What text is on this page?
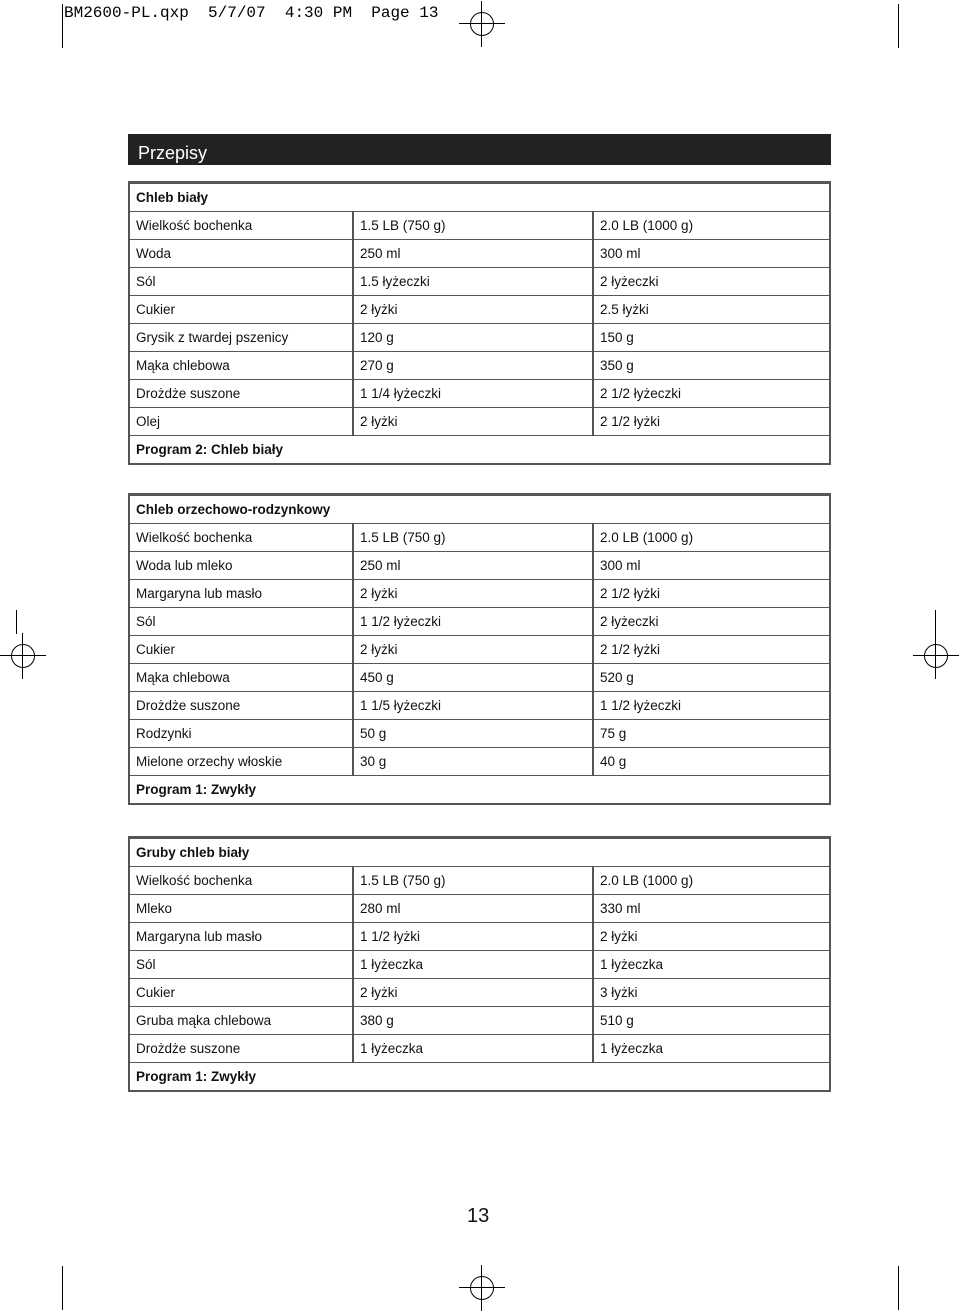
BM2600-PL.qxp  5/7/07  4:30 PM  Page 13
Przepisy
Chleb biały		
Wielkość bochenka	1.5 LB (750 g)	2.0 LB (1000 g)
Woda	250 ml	300 ml
Sól	1.5 łyżeczki	2 łyżeczki
Cukier	2 łyżki	2.5 łyżki
Grysik z twardej pszenicy	120 g	150 g
Mąka chlebowa	270 g	350 g
Drożdże suszone	1 1/4 łyżeczki	2 1/2 łyżeczki
Olej	2 łyżki	2 1/2 łyżki
Program 2: Chleb biały		
Chleb orzechowo-rodzynkowy		
Wielkość bochenka	1.5 LB (750 g)	2.0 LB (1000 g)
Woda lub mleko	250 ml	300 ml
Margaryna lub masło	2 łyżki	2 1/2 łyżki
Sól	1 1/2 łyżeczki	2 łyżeczki
Cukier	2 łyżki	2 1/2 łyżki
Mąka chlebowa	450 g	520 g
Drożdże suszone	1 1/5 łyżeczki	1 1/2 łyżeczki
Rodzynki	50 g	75 g
Mielone orzechy włoskie	30 g	40 g
Program 1: Zwykły		
Gruby chleb biały		
Wielkość bochenka	1.5 LB (750 g)	2.0 LB (1000 g)
Mleko	280 ml	330 ml
Margaryna lub masło	1 1/2 łyżki	2 łyżki
Sól	1 łyżeczka	1 łyżeczka
Cukier	2 łyżki	3 łyżki
Gruba mąka chlebowa	380 g	510 g
Drożdże suszone	1 łyżeczka	1 łyżeczka
Program 1: Zwykły		
13
